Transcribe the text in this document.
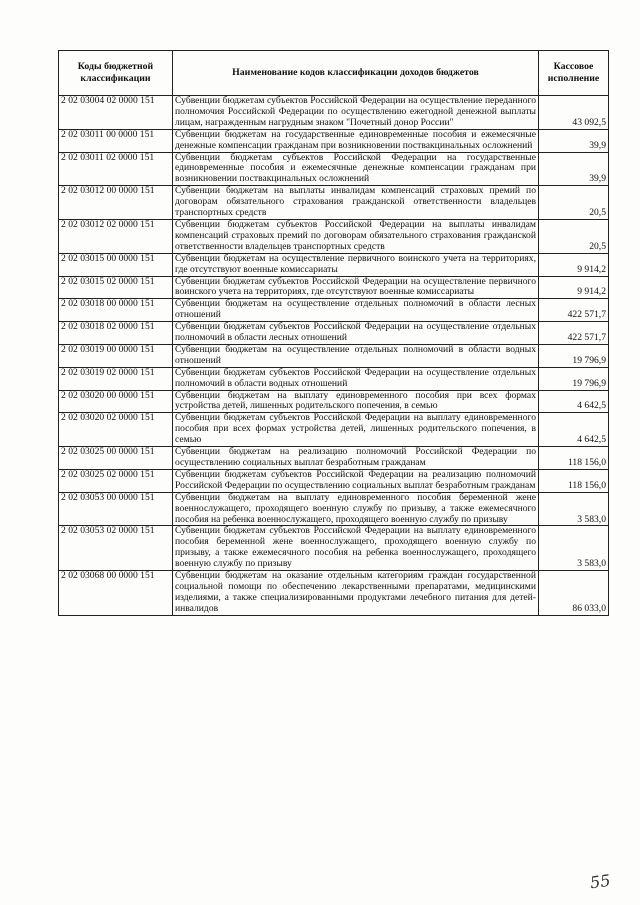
Коды бюджетной классификации	Наименование кодов классификации доходов бюджетов	Кассовое исполнение
2 02 03004 02 0000 151	Субвенции бюджетам субъектов Российской Федерации на осуществление переданного полномочия Российской Федерации по осуществлению ежегодной денежной выплаты лицам, награжденным нагрудным знаком "Почетный донор России"	43 092,5
2 02 03011 00 0000 151	Субвенции бюджетам на государственные единовременные пособия и ежемесячные денежные компенсации гражданам при возникновении поствакцинальных осложнений	39,9
2 02 03011 02 0000 151	Субвенции бюджетам субъектов Российской Федерации на государственные единовременные пособия и ежемесячные денежные компенсации гражданам при возникновении поствакцинальных осложнений	39,9
2 02 03012 00 0000 151	Субвенции бюджетам на выплаты инвалидам компенсаций страховых премий по договорам обязательного страхования гражданской ответственности владельцев транспортных средств	20,5
2 02 03012 02 0000 151	Субвенции бюджетам субъектов Российской Федерации на выплаты инвалидам компенсаций страховых премий по договорам обязательного страхования гражданской ответственности владельцев транспортных средств	20,5
2 02 03015 00 0000 151	Субвенции бюджетам на осуществление первичного воинского учета на территориях, где отсутствуют военные комиссариаты	9 914,2
2 02 03015 02 0000 151	Субвенции бюджетам субъектов Российской Федерации на осуществление первичного воинского учета на территориях, где отсутствуют военные комиссариаты	9 914,2
2 02 03018 00 0000 151	Субвенции бюджетам на осуществление отдельных полномочий в области лесных отношений	422 571,7
2 02 03018 02 0000 151	Субвенции бюджетам субъектов Российской Федерации на осуществление отдельных полномочий в области лесных отношений	422 571,7
2 02 03019 00 0000 151	Субвенции бюджетам на осуществление отдельных полномочий в области водных отношений	19 796,9
2 02 03019 02 0000 151	Субвенции бюджетам субъектов Российской Федерации на осуществление отдельных полномочий в области водных отношений	19 796,9
2 02 03020 00 0000 151	Субвенции бюджетам на выплату единовременного пособия при всех формах устройства детей, лишенных родительского попечения, в семью	4 642,5
2 02 03020 02 0000 151	Субвенции бюджетам субъектов Российской Федерации на выплату единовременного пособия при всех формах устройства детей, лишенных родительского попечения, в семью	4 642,5
2 02 03025 00 0000 151	Субвенции бюджетам на реализацию полномочий Российской Федерации по осуществлению социальных выплат безработным гражданам	118 156,0
2 02 03025 02 0000 151	Субвенции бюджетам субъектов Российской Федерации на реализацию полномочий Российской Федерации по осуществлению социальных выплат безработным гражданам	118 156,0
2 02 03053 00 0000 151	Субвенции бюджетам на выплату единовременного пособия беременной жене военнослужащего, проходящего военную службу по призыву, а также ежемесячного пособия на ребенка военнослужащего, проходящего военную службу по призыву	3 583,0
2 02 03053 02 0000 151	Субвенции бюджетам субъектов Российской Федерации на выплату единовременного пособия беременной жене военнослужащего, проходящего военную службу по призыву, а также ежемесячного пособия на ребенка военнослужащего, проходящего военную службу по призыву	3 583,0
2 02 03068 00 0000 151	Субвенции бюджетам на оказание отдельным категориям граждан государственной социальной помощи по обеспечению лекарственными препаратами, медицинскими изделиями, а также специализированными продуктами лечебного питания для детей-инвалидов	86 033,0
55
